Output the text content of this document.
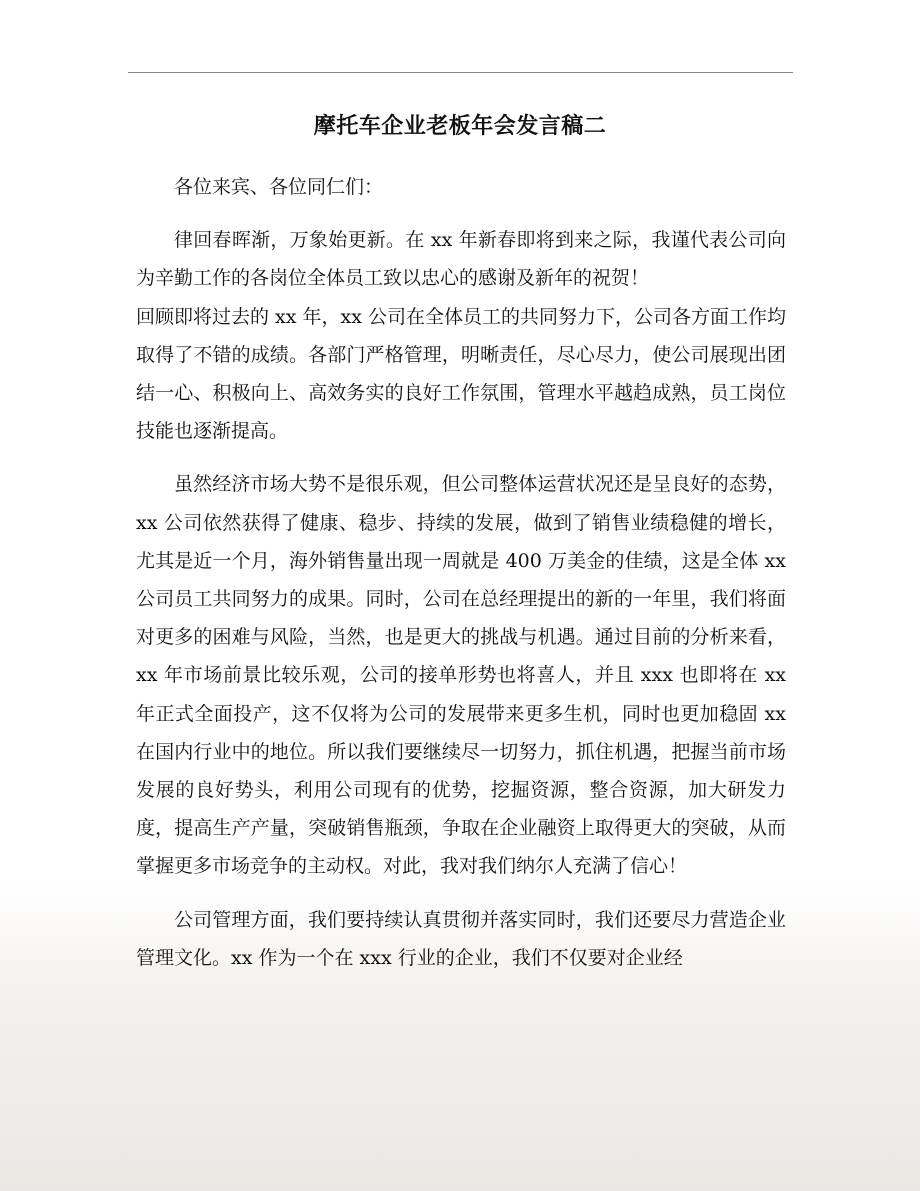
摩托车企业老板年会发言稿二

各位来宾、各位同仁们：

律回春晖渐，万象始更新。在 xx 年新春即将到来之际，我谨代表公司向为辛勤工作的各岗位全体员工致以忠心的感谢及新年的祝贺！

回顾即将过去的 xx 年，xx 公司在全体员工的共同努力下，公司各方面工作均取得了不错的成绩。各部门严格管理，明晰责任，尽心尽力，使公司展现出团结一心、积极向上、高效务实的良好工作氛围，管理水平越趋成熟，员工岗位技能也逐渐提高。

虽然经济市场大势不是很乐观，但公司整体运营状况还是呈良好的态势，xx 公司依然获得了健康、稳步、持续的发展，做到了销售业绩稳健的增长，尤其是近一个月，海外销售量出现一周就是 400 万美金的佳绩，这是全体 xx 公司员工共同努力的成果。同时，公司在总经理提出的新的一年里，我们将面对更多的困难与风险，当然，也是更大的挑战与机遇。通过目前的分析来看，xx 年市场前景比较乐观，公司的接单形势也将喜人，并且 xxx 也即将在 xx 年正式全面投产，这不仅将为公司的发展带来更多生机，同时也更加稳固 xx 在国内行业中的地位。所以我们要继续尽一切努力，抓住机遇，把握当前市场发展的良好势头，利用公司现有的优势，挖掘资源，整合资源，加大研发力度，提高生产产量，突破销售瓶颈，争取在企业融资上取得更大的突破，从而掌握更多市场竞争的主动权。对此，我对我们纳尔人充满了信心！

公司管理方面，我们要持续认真贯彻并落实同时，我们还要尽力营造企业管理文化。xx 作为一个在 xxx 行业的企业，我们不仅要对企业经
